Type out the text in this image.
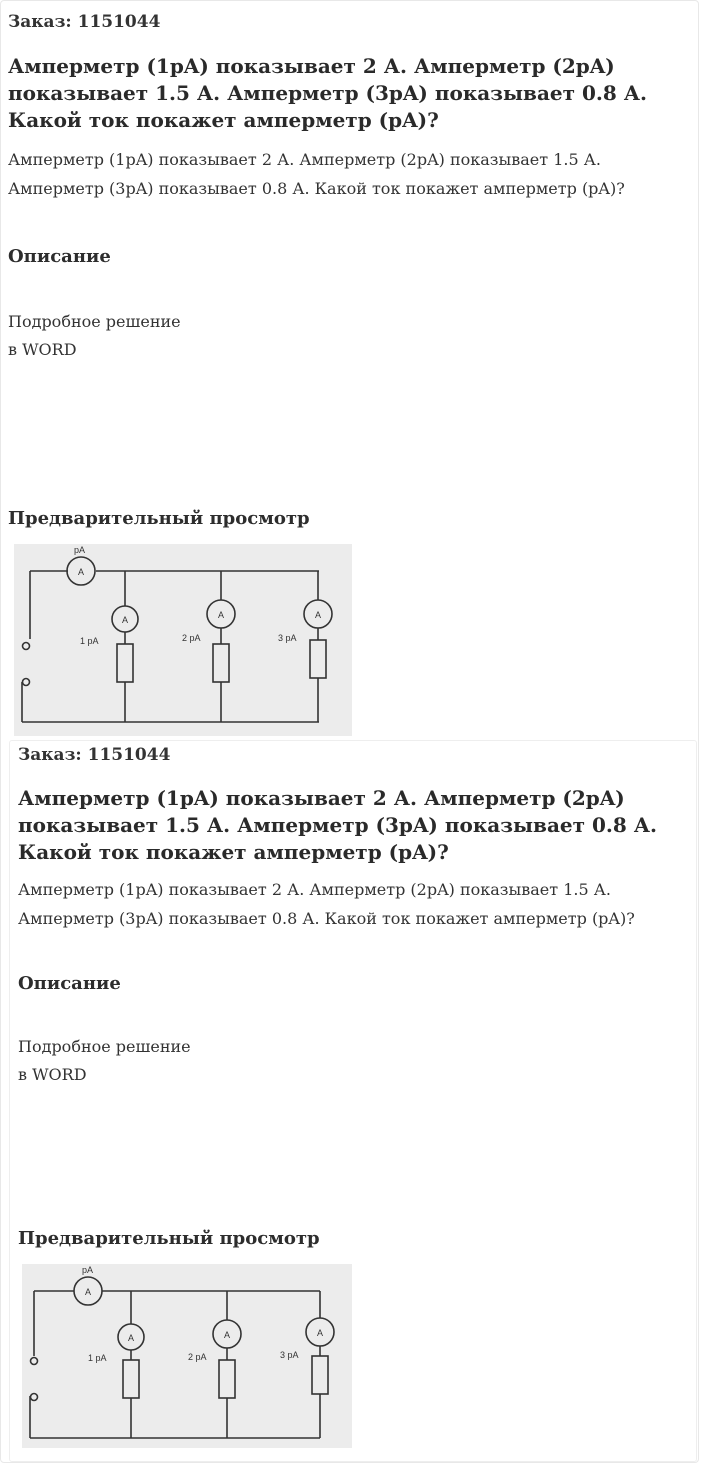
Заказ: 1151044
Амперметр (1pA) показывает 2 А. Амперметр (2pA) показывает 1.5 А. Амперметр (3pA) показывает 0.8 А. Какой ток покажет амперметр (pA)?
Амперметр (1pA) показывает 2 А. Амперметр (2pA) показывает 1.5 А. Амперметр (3pA) показывает 0.8 А. Какой ток покажет амперметр (pA)?
Описание
Подробное решение
в WORD
Предварительный просмотр
A
A	A	A
pA
1 pA	2 pA	3 pA
Заказ: 1151044
Амперметр (1pA) показывает 2 А. Амперметр (2pA) показывает 1.5 А. Амперметр (3pA) показывает 0.8 А. Какой ток покажет амперметр (pA)?
Амперметр (1pA) показывает 2 А. Амперметр (2pA) показывает 1.5 А. Амперметр (3pA) показывает 0.8 А. Какой ток покажет амперметр (pA)?
Описание
Подробное решение
в WORD
Предварительный просмотр
A
A	A	A
pA
1 pA	2 pA	3 pA
